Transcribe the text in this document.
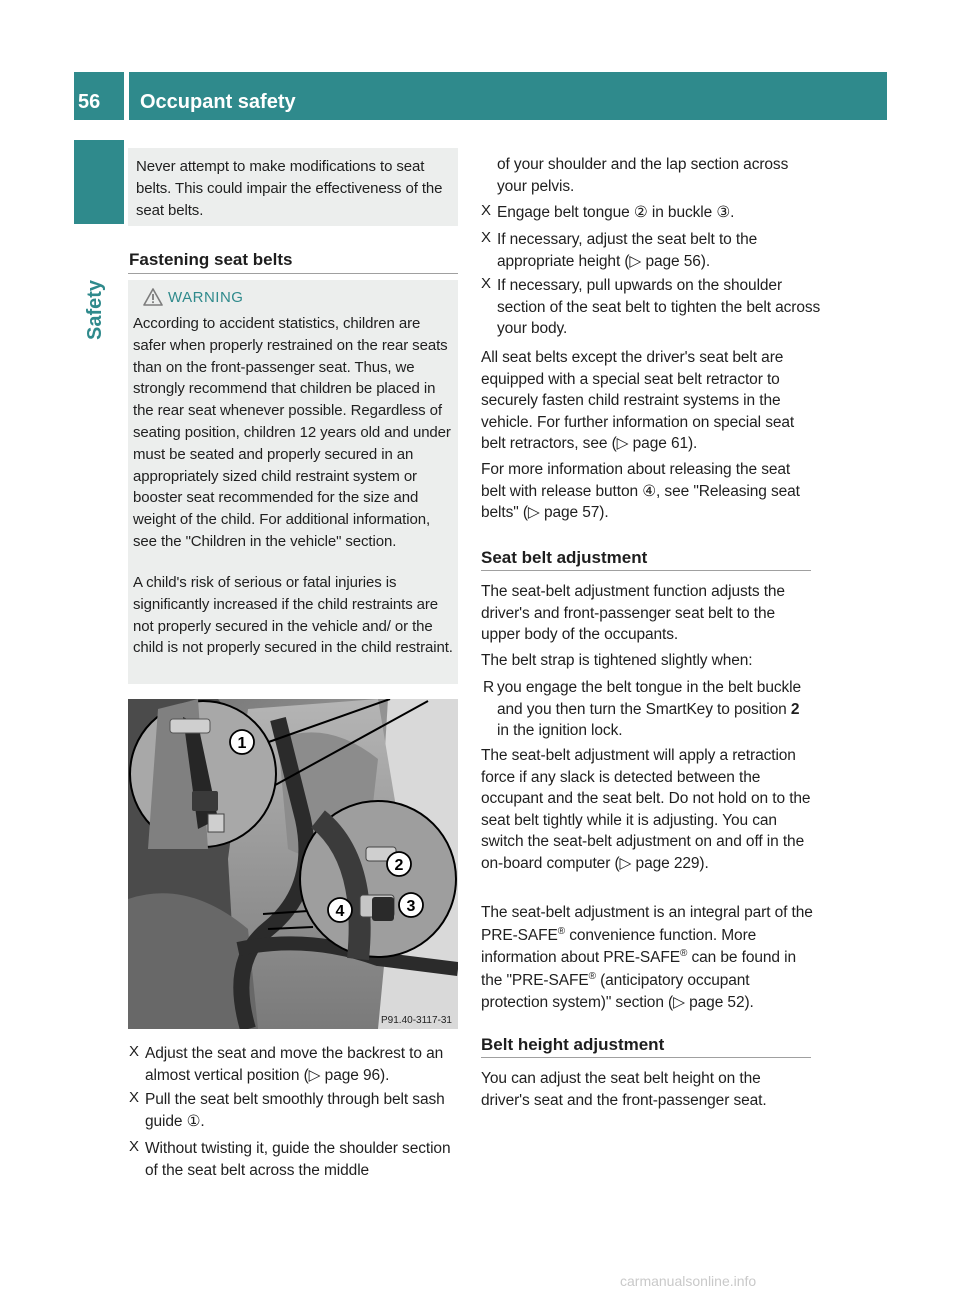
56 Occupant safety
Safety

Never attempt to make modifications to seat belts. This could impair the effectiveness of the seat belts.

Fastening seat belts
WARNING

According to accident statistics, children are safer when properly restrained on the rear seats than on the front-passenger seat. Thus, we strongly recommend that children be placed in the rear seat whenever possible. Regardless of seating position, children 12 years old and under must be seated and properly secured in an appropriately sized child restraint system or booster seat recommended for the size and weight of the child. For additional information, see the "Children in the vehicle" section.

A child's risk of serious or fatal injuries is significantly increased if the child restraints are not properly secured in the vehicle and/ or the child is not properly secured in the child restraint.

1
2
3
4
P91.40-3117-31
X Adjust the seat and move the backrest to an almost vertical position (▷ page 96).
X Pull the seat belt smoothly through belt sash guide ①.
X Without twisting it, guide the shoulder section of the seat belt across the middle

of your shoulder and the lap section across your pelvis.

X Engage belt tongue ② in buckle ③.
X If necessary, adjust the seat belt to the appropriate height (▷ page 56).
X If necessary, pull upwards on the shoulder section of the seat belt to tighten the belt across your body.

All seat belts except the driver's seat belt are equipped with a special seat belt retractor to securely fasten child restraint systems in the vehicle. For further information on special seat belt retractors, see (▷ page 61).

For more information about releasing the seat belt with release button ④, see "Releasing seat belts" (▷ page 57).

Seat belt adjustment

The seat-belt adjustment function adjusts the driver's and front-passenger seat belt to the upper body of the occupants.

The belt strap is tightened slightly when:

R you engage the belt tongue in the belt buckle and you then turn the SmartKey to position 2 in the ignition lock.

The seat-belt adjustment will apply a retraction force if any slack is detected between the occupant and the seat belt. Do not hold on to the seat belt tightly while it is adjusting. You can switch the seat-belt adjustment on and off in the on-board computer (▷ page 229).

The seat-belt adjustment is an integral part of the PRE-SAFE® convenience function. More information about PRE-SAFE® can be found in the "PRE-SAFE® (anticipatory occupant protection system)" section (▷ page 52).

Belt height adjustment

You can adjust the seat belt height on the driver's seat and the front-passenger seat.

carmanualsonline.info
